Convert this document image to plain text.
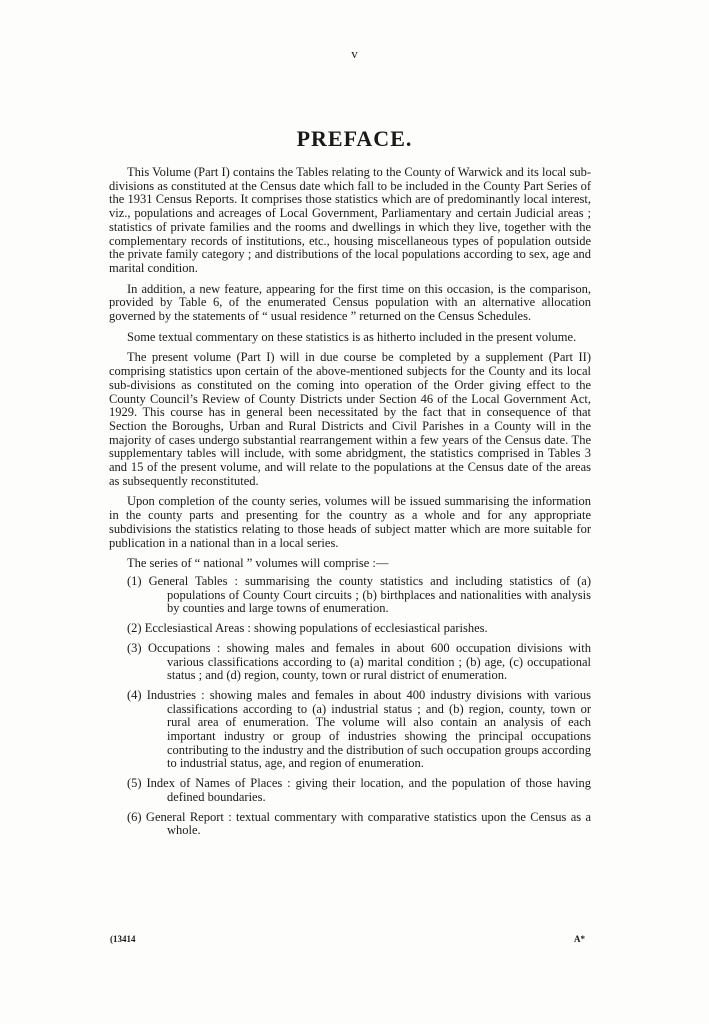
v
PREFACE.

This Volume (Part I) contains the Tables relating to the County of Warwick and its local sub-divisions as constituted at the Census date which fall to be included in the County Part Series of the 1931 Census Reports. It comprises those statistics which are of predominantly local interest, viz., populations and acreages of Local Government, Parliamentary and certain Judicial areas ; statistics of private families and the rooms and dwellings in which they live, together with the complementary records of institutions, etc., housing miscellaneous types of population outside the private family category ; and distributions of the local populations according to sex, age and marital condition.

In addition, a new feature, appearing for the first time on this occasion, is the comparison, provided by Table 6, of the enumerated Census population with an alternative allocation governed by the statements of “ usual residence ” returned on the Census Schedules.

Some textual commentary on these statistics is as hitherto included in the present volume.

The present volume (Part I) will in due course be completed by a supplement (Part II) comprising statistics upon certain of the above-mentioned subjects for the County and its local sub-divisions as constituted on the coming into operation of the Order giving effect to the County Council’s Review of County Districts under Section 46 of the Local Government Act, 1929. This course has in general been necessitated by the fact that in consequence of that Section the Boroughs, Urban and Rural Districts and Civil Parishes in a County will in the majority of cases undergo substantial rearrangement within a few years of the Census date. The supplementary tables will include, with some abridgment, the statistics comprised in Tables 3 and 15 of the present volume, and will relate to the populations at the Census date of the areas as subsequently reconstituted.

Upon completion of the county series, volumes will be issued summarising the information in the county parts and presenting for the country as a whole and for any appropriate subdivisions the statistics relating to those heads of subject matter which are more suitable for publication in a national than in a local series.

The series of “ national ” volumes will comprise :—

(1) General Tables : summarising the county statistics and including statistics of (a) populations of County Court circuits ; (b) birthplaces and nationalities with analysis by counties and large towns of enumeration.
(2) Ecclesiastical Areas : showing populations of ecclesiastical parishes.
(3) Occupations : showing males and females in about 600 occupation divisions with various classifications according to (a) marital condition ; (b) age, (c) occupational status ; and (d) region, county, town or rural district of enumeration.
(4) Industries : showing males and females in about 400 industry divisions with various classifications according to (a) industrial status ; and (b) region, county, town or rural area of enumeration. The volume will also contain an analysis of each important industry or group of industries showing the principal occupations contributing to the industry and the distribution of such occupation groups according to industrial status, age, and region of enumeration.
(5) Index of Names of Places : giving their location, and the population of those having defined boundaries.
(6) General Report : textual commentary with comparative statistics upon the Census as a whole.
(13414	A*
